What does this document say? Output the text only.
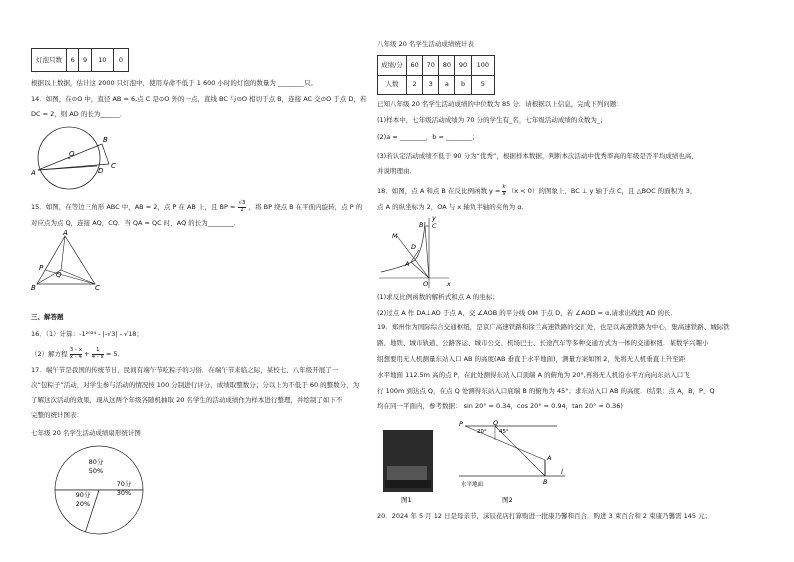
灯泡只数	6	9	10	0
根据以上数据，估计这 2000 只灯泡中，使用寿命不低于 1 600 小时的灯泡的数量为 ________只。
14．如图，在⊙O 中，直径 AB = 6,点 C 是⊙O 外的一点，直线 BC 与⊙O 相切于点 B，连接 AC 交⊙O 于点 D，若
DC = 2，则 AD 的长为______．
A
B
C
D
O
15．如图，在等边三角形 ABC 中，AB = 2，点 P 在 AB 上，且 BP = $\frac{√3}{2}$ ，将 BP 绕点 B 在平面内旋转，点 P 的
对应点为点 Q，连接 AQ，CQ．当 QA = QC 时，AQ 的长为________．
A
B	C
P
Q
三、解答题
16．（1）计算：-1²⁰²⁴ - |-√3| - √18；
（2）解方程 $\frac{3 - x}{x - 4} + \frac{1}{4 - x} = 5$．
17．端午节是我国的传统节日，民间有端午节吃粽子的习俗．在端午节来临之际，某校七、八年级开展了一
次“包粽子”活动，对学生参与活动的情况按 100 分制进行评分，成绩取整数分；分以上为不低于 60 的整数分，为
了解这次活动的效果，现从这两个年级各随机抽取 20 名学生的活动成绩作为样本进行整理，并绘制了如下不
完整的统计图表：
七年级 20 名学生活动成绩扇形统计图
80分
50%
70分
30%
90分
20%
八年级 20 名学生活动成绩统计表
成绩/分	60	70	80	90	100
人数	2	3	a	b	5
已知八年级 20 名学生活动成绩的中位数为 85 分．请根据以上信息，完成下列问题：
(1)样本中，七年级活动成绩为 70 分的学生有_名，七年级活动成绩的众数为_；
(2)a = ________，b = ________；
(3)若认定活动成绩不低于 90 分为“优秀”，根据样本数据，判断本次活动中优秀率高的年级是否平均成绩也高，
并说明理由．
18．如图，点 A 和点 B 在反比例函数 $y = \frac{k}{x} (x < 0)$的图象上，BC ⊥ y 轴于点 C，且 △BOC 的面积为 3，
点 A 的纵坐标为 2，OA 与 x 轴负半轴的夹角为 α．
M
D
B C
A
O	x
y
(1)求反比例函数的解析式和点 A 的坐标；
(2)过点 A 作 DA⊥AO 于点 A，交 ∠AOB 的平分线 OM 于点 D，若 ∠AOD = α,请求出线段 AD 的长．
19．郑州作为国际综合交通枢纽，是京广高速铁路和徐兰高速铁路的交汇处，也是以高速铁路为中心，集高速铁路、城际铁
路、地铁、城市轨道、公路客运、城市公交、机场巴士、长途汽车等多种交通方式为一体的交通枢纽．某数学兴趣小
组想要用无人机测量东站入口 AB 的高度(AB 垂直于水平地面)，测量方案如图 2，先将无人机垂直上升至距
水平地面 112.5m 高的点 P，在此处测得东站入口顶端 A 的俯角为 20°,再将无人机沿水平方向向东站入口飞
行 100m 到达点 Q，在点 Q 处测得东站入口底端 B 的俯角为 45°；求东站入口 AB 的高度．(结果：点 A，B，P，Q
均在同一平面内，参考数据： sin 20° = 0.34，cos 20° = 0.94，tan 20° = 0.36)
图1
P	Q
A
B
l
20° 45°
水平地面
图2
20．2024 年 5 月 12 日是母亲节，沫辰花店打算购进一批康乃馨和百合．购进 3 束百合和 2 束康乃馨需 145 元；
